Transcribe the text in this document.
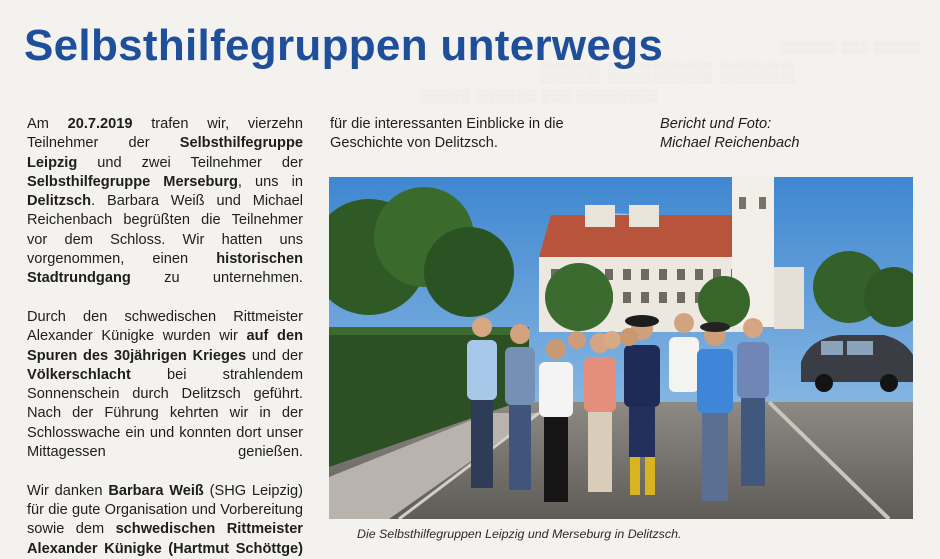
▒▒▒▒ ▒▒▒▒▒▒▒ ▒▒▒▒▒
▒▒▒▒▒ ▒▒▒▒▒▒ ▒▒▒ ▒▒▒▒▒▒▒▒
▒▒▒▒▒▒ ▒▒▒ ▒▒▒▒▒
Selbsthilfegruppen unterwegs

Am 20.7.2019 trafen wir, vierzehn Teilnehmer der Selbsthilfegruppe Leipzig und zwei Teilnehmer der Selbsthilfegruppe Merseburg, uns in Delitzsch. Barbara Weiß und Michael Reichenbach begrüßten die Teilnehmer vor dem Schloss. Wir hatten uns vorgenommen, einen historischen Stadtrundgang zu unternehmen.

Durch den schwedischen Rittmeister Alexander Künigke wurden wir auf den Spuren des 30jährigen Krieges und der Völkerschlacht bei strahlendem Sonnenschein durch Delitzsch geführt. Nach der Führung kehrten wir in der Schlosswache ein und konnten dort unser Mittagessen genießen.

Wir danken Barbara Weiß (SHG Leipzig) für die gute Organisation und Vorbereitung sowie dem schwedischen Rittmeister Alexander Künigke (Hartmut Schöttge)

für die interessanten Einblicke in die Geschichte von Delitzsch.

Bericht und Foto:
Michael Reichenbach
Die Selbsthilfegruppen Leipzig und Merseburg in Delitzsch.
